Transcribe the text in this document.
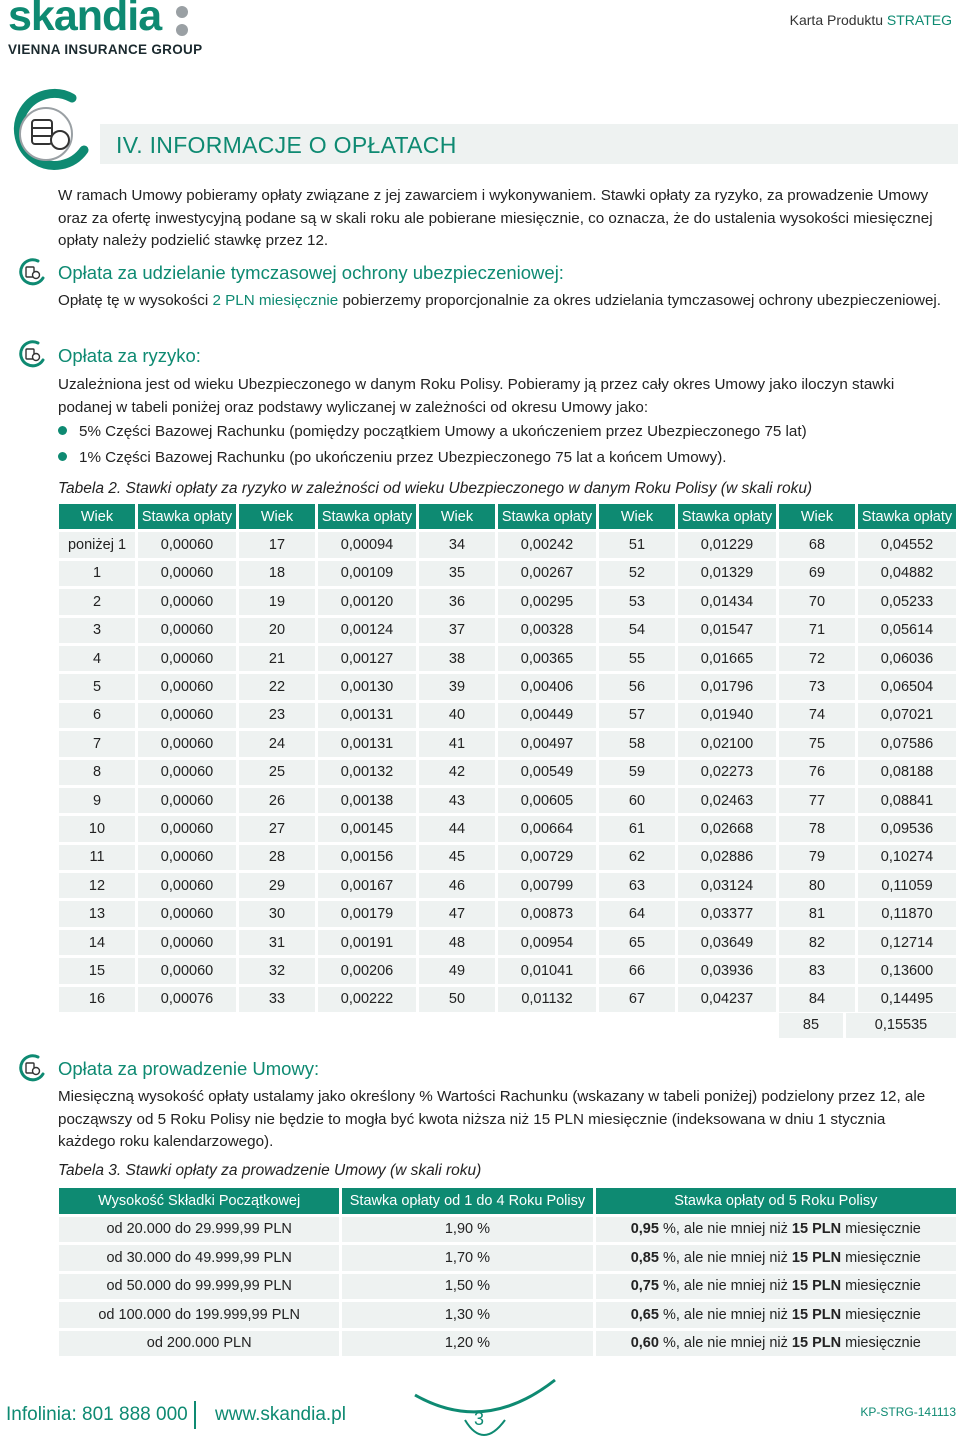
skandia
VIENNA INSURANCE GROUP
Karta Produktu STRATEG
IV. INFORMACJE O OPŁATACH
W ramach Umowy pobieramy opłaty związane z jej zawarciem i wykonywaniem. Stawki opłaty za ryzyko, za prowadzenie Umowy oraz za ofertę inwestycyjną podane są w skali roku ale pobierane miesięcznie, co oznacza, że do ustalenia wysokości miesięcznej opłaty należy podzielić stawkę przez 12.
Opłata za udzielanie tymczasowej ochrony ubezpieczeniowej:
Opłatę tę w wysokości 2 PLN miesięcznie pobierzemy proporcjonalnie za okres udzielania tymczasowej ochrony ubezpieczeniowej.
Opłata za ryzyko:
Uzależniona jest od wieku Ubezpieczonego w danym Roku Polisy. Pobieramy ją przez cały okres Umowy jako iloczyn stawki podanej w tabeli poniżej oraz podstawy wyliczanej w zależności od okresu Umowy jako:
5% Części Bazowej Rachunku (pomiędzy początkiem Umowy a ukończeniem przez Ubezpieczonego 75 lat)
1% Części Bazowej Rachunku (po ukończeniu przez Ubezpieczonego 75 lat a końcem Umowy).
Tabela 2. Stawki opłaty za ryzyko w zależności od wieku Ubezpieczonego w danym Roku Polisy (w skali roku)
Wiek	Stawka opłaty	Wiek	Stawka opłaty	Wiek	Stawka opłaty	Wiek	Stawka opłaty	Wiek	Stawka opłaty
poniżej 1	0,00060	17	0,00094	34	0,00242	51	0,01229	68	0,04552
1	0,00060	18	0,00109	35	0,00267	52	0,01329	69	0,04882
2	0,00060	19	0,00120	36	0,00295	53	0,01434	70	0,05233
3	0,00060	20	0,00124	37	0,00328	54	0,01547	71	0,05614
4	0,00060	21	0,00127	38	0,00365	55	0,01665	72	0,06036
5	0,00060	22	0,00130	39	0,00406	56	0,01796	73	0,06504
6	0,00060	23	0,00131	40	0,00449	57	0,01940	74	0,07021
7	0,00060	24	0,00131	41	0,00497	58	0,02100	75	0,07586
8	0,00060	25	0,00132	42	0,00549	59	0,02273	76	0,08188
9	0,00060	26	0,00138	43	0,00605	60	0,02463	77	0,08841
10	0,00060	27	0,00145	44	0,00664	61	0,02668	78	0,09536
11	0,00060	28	0,00156	45	0,00729	62	0,02886	79	0,10274
12	0,00060	29	0,00167	46	0,00799	63	0,03124	80	0,11059
13	0,00060	30	0,00179	47	0,00873	64	0,03377	81	0,11870
14	0,00060	31	0,00191	48	0,00954	65	0,03649	82	0,12714
15	0,00060	32	0,00206	49	0,01041	66	0,03936	83	0,13600
16	0,00076	33	0,00222	50	0,01132	67	0,04237	84	0,14495
85	0,15535
Opłata za prowadzenie Umowy:
Miesięczną wysokość opłaty ustalamy jako określony % Wartości Rachunku (wskazany w tabeli poniżej) podzielony przez 12, ale począwszy od 5 Roku Polisy nie będzie to mogła być kwota niższa niż 15 PLN miesięcznie (indeksowana w dniu 1 stycznia każdego roku kalendarzowego).
Tabela 3. Stawki opłaty za prowadzenie Umowy (w skali roku)
Wysokość Składki Początkowej	Stawka opłaty od 1 do 4 Roku Polisy	Stawka opłaty od 5 Roku Polisy
od 20.000 do 29.999,99 PLN	1,90 %	0,95 %, ale nie mniej niż 15 PLN miesięcznie
od 30.000 do 49.999,99 PLN	1,70 %	0,85 %, ale nie mniej niż 15 PLN miesięcznie
od 50.000 do 99.999,99 PLN	1,50 %	0,75 %, ale nie mniej niż 15 PLN miesięcznie
od 100.000 do 199.999,99 PLN	1,30 %	0,65 %, ale nie mniej niż 15 PLN miesięcznie
od 200.000 PLN	1,20 %	0,60 %, ale nie mniej niż 15 PLN miesięcznie
Infolinia: 801 888 000 www.skandia.pl	3	KP-STRG-141113
